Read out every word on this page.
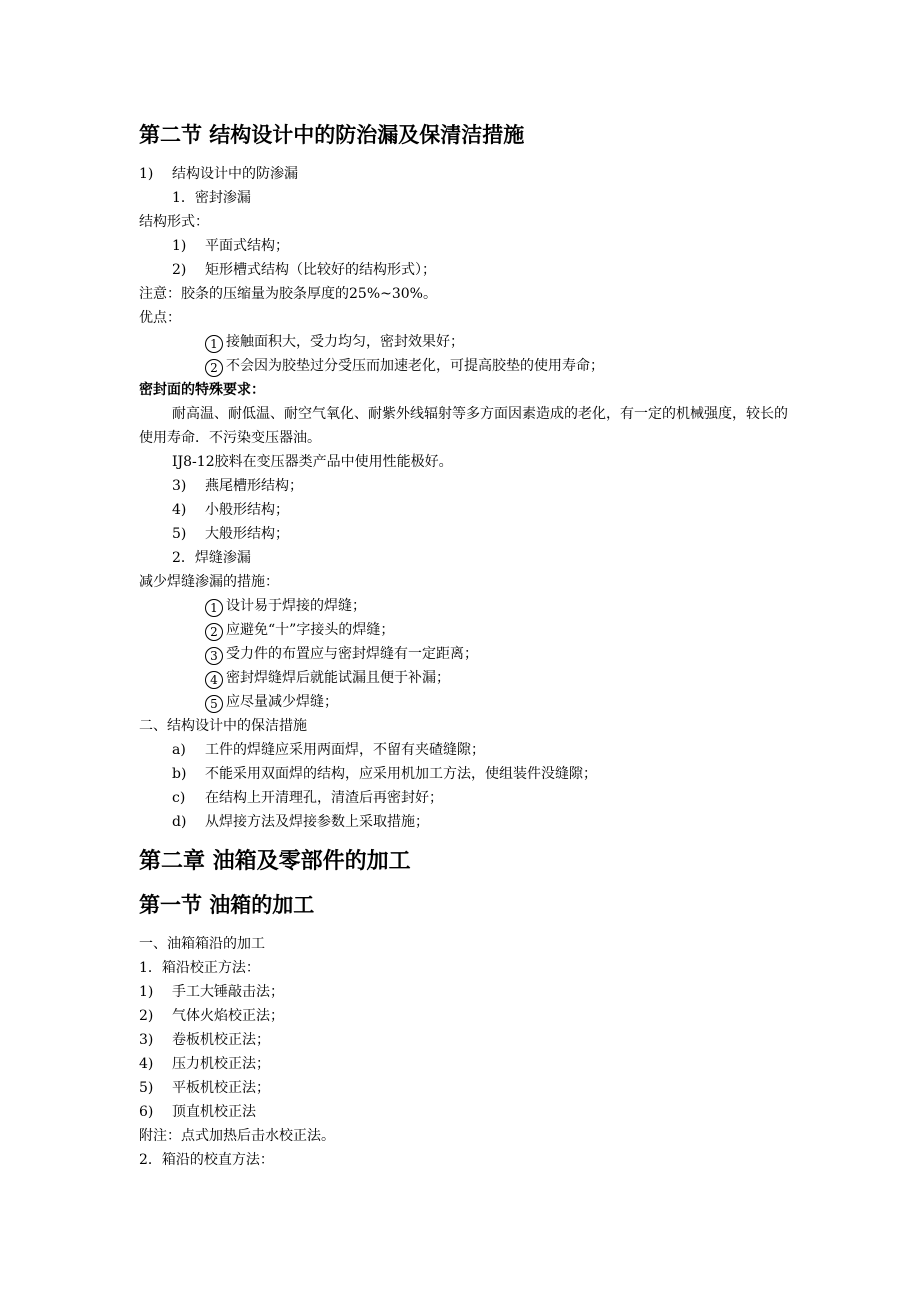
第二节 结构设计中的防治漏及保清洁措施
1) 结构设计中的防渗漏
1．密封渗漏
结构形式：
1) 平面式结构；
2) 矩形槽式结构（比较好的结构形式）；
注意：胶条的压缩量为胶条厚度的25%~30%。
优点：
1 接触面积大，受力均匀，密封效果好；
2 不会因为胶垫过分受压而加速老化，可提高胶垫的使用寿命；
密封面的特殊要求：
耐高温、耐低温、耐空气氧化、耐紫外线辐射等多方面因素造成的老化，有一定的机械强度，较长的使用寿命．不污染变压器油。
IJ8-12胶料在变压器类产品中使用性能极好。
3) 燕尾槽形结构；
4) 小般形结构；
5) 大般形结构；
2．焊缝渗漏
减少焊缝渗漏的措施：
1 设计易于焊接的焊缝；
2 应避免“十”字接头的焊缝；
3 受力件的布置应与密封焊缝有一定距离；
4 密封焊缝焊后就能试漏且便于补漏；
5 应尽量减少焊缝；
二、结构设计中的保洁措施
a) 工件的焊缝应采用两面焊，不留有夹碴缝隙；
b) 不能采用双面焊的结构，应采用机加工方法，使组装件没缝隙；
c) 在结构上开清理孔，清渣后再密封好；
d) 从焊接方法及焊接参数上采取措施；
第二章 油箱及零部件的加工
第一节 油箱的加工
一、油箱箱沿的加工
1．箱沿校正方法：
1) 手工大锤敲击法；
2) 气体火焰校正法；
3) 卷板机校正法；
4) 压力机校正法；
5) 平板机校正法；
6) 顶直机校正法
附注：点式加热后击水校正法。
2．箱沿的校直方法：
